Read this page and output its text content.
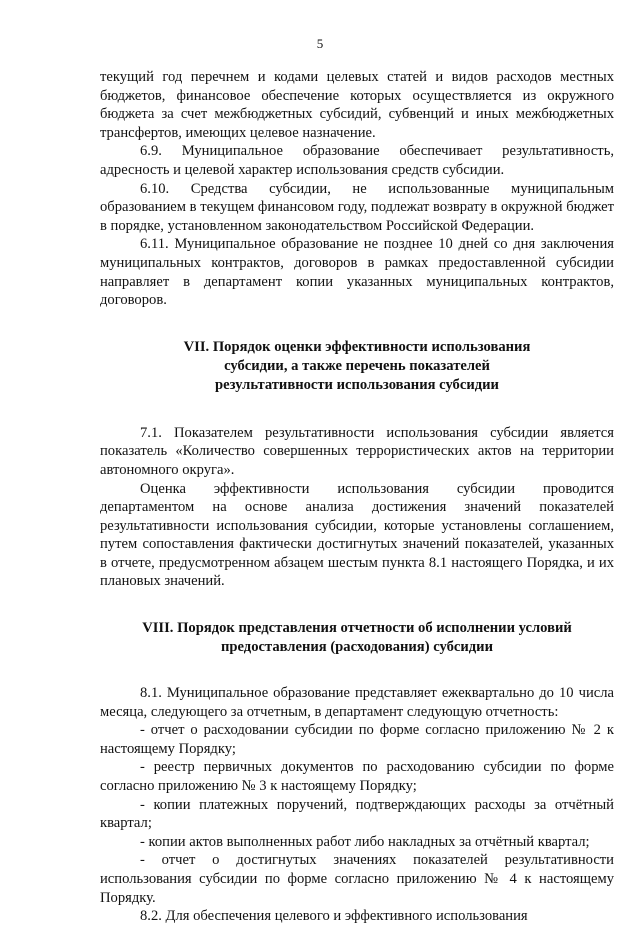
5

текущий год перечнем и кодами целевых статей и видов расходов местных бюджетов, финансовое обеспечение которых осуществляется из окружного бюджета за счет межбюджетных субсидий, субвенций и иных межбюджетных трансфертов, имеющих целевое назначение.

6.9. Муниципальное образование обеспечивает результативность, адресность и целевой характер использования средств субсидии.

6.10. Средства субсидии, не использованные муниципальным образованием в текущем финансовом году, подлежат возврату в окружной бюджет в порядке, установленном законодательством Российской Федерации.

6.11. Муниципальное образование не позднее 10 дней со дня заключения муниципальных контрактов, договоров в рамках предоставленной субсидии направляет в департамент копии указанных муниципальных контрактов, договоров.

VII. Порядок оценки эффективности использования
субсидии, а также перечень показателей
результативности использования субсидии

7.1. Показателем результативности использования субсидии является показатель «Количество совершенных террористических актов на территории автономного округа».

Оценка эффективности использования субсидии проводится департаментом на основе анализа достижения значений показателей результативности использования субсидии, которые установлены соглашением, путем сопоставления фактически достигнутых значений показателей, указанных в отчете, предусмотренном абзацем шестым пункта 8.1 настоящего Порядка, и их плановых значений.

VIII. Порядок представления отчетности об исполнении условий
предоставления (расходования) субсидии

8.1. Муниципальное образование представляет ежеквартально до 10 числа месяца, следующего за отчетным, в департамент следующую отчетность:

- отчет о расходовании субсидии по форме согласно приложению № 2 к настоящему Порядку;

- реестр первичных документов по расходованию субсидии по форме согласно приложению № 3 к настоящему Порядку;

- копии платежных поручений, подтверждающих расходы за отчётный квартал;

- копии актов выполненных работ либо накладных за отчётный квартал;

- отчет о достигнутых значениях показателей результативности использования субсидии по форме согласно приложению № 4 к настоящему Порядку.

8.2. Для обеспечения целевого и эффективного использования
